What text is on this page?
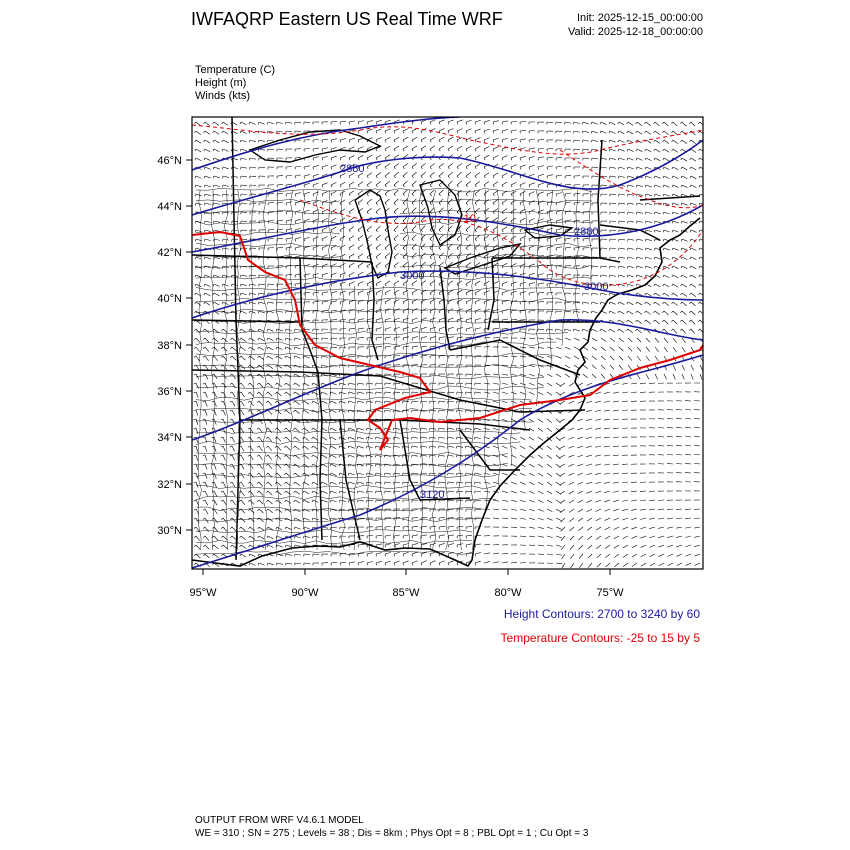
IWFAQRP Eastern US Real Time WRF	Init: 2025-12-15_00:00:00
Valid: 2025-12-18_00:00:00
Temperature (C)
Height (m)
Winds (kts)
2880
2880
3000
3000
3120
-10
46°N
44°N
42°N
40°N
38°N
36°N
34°N
32°N
30°N
95°W	90°W	85°W	80°W	75°W
Height Contours: 2700 to 3240 by 60
Temperature Contours: -25 to 15 by 5
OUTPUT FROM WRF V4.6.1 MODEL
WE = 310 ; SN = 275 ; Levels = 38 ; Dis = 8km ; Phys Opt = 8 ; PBL Opt = 1 ; Cu Opt = 3
